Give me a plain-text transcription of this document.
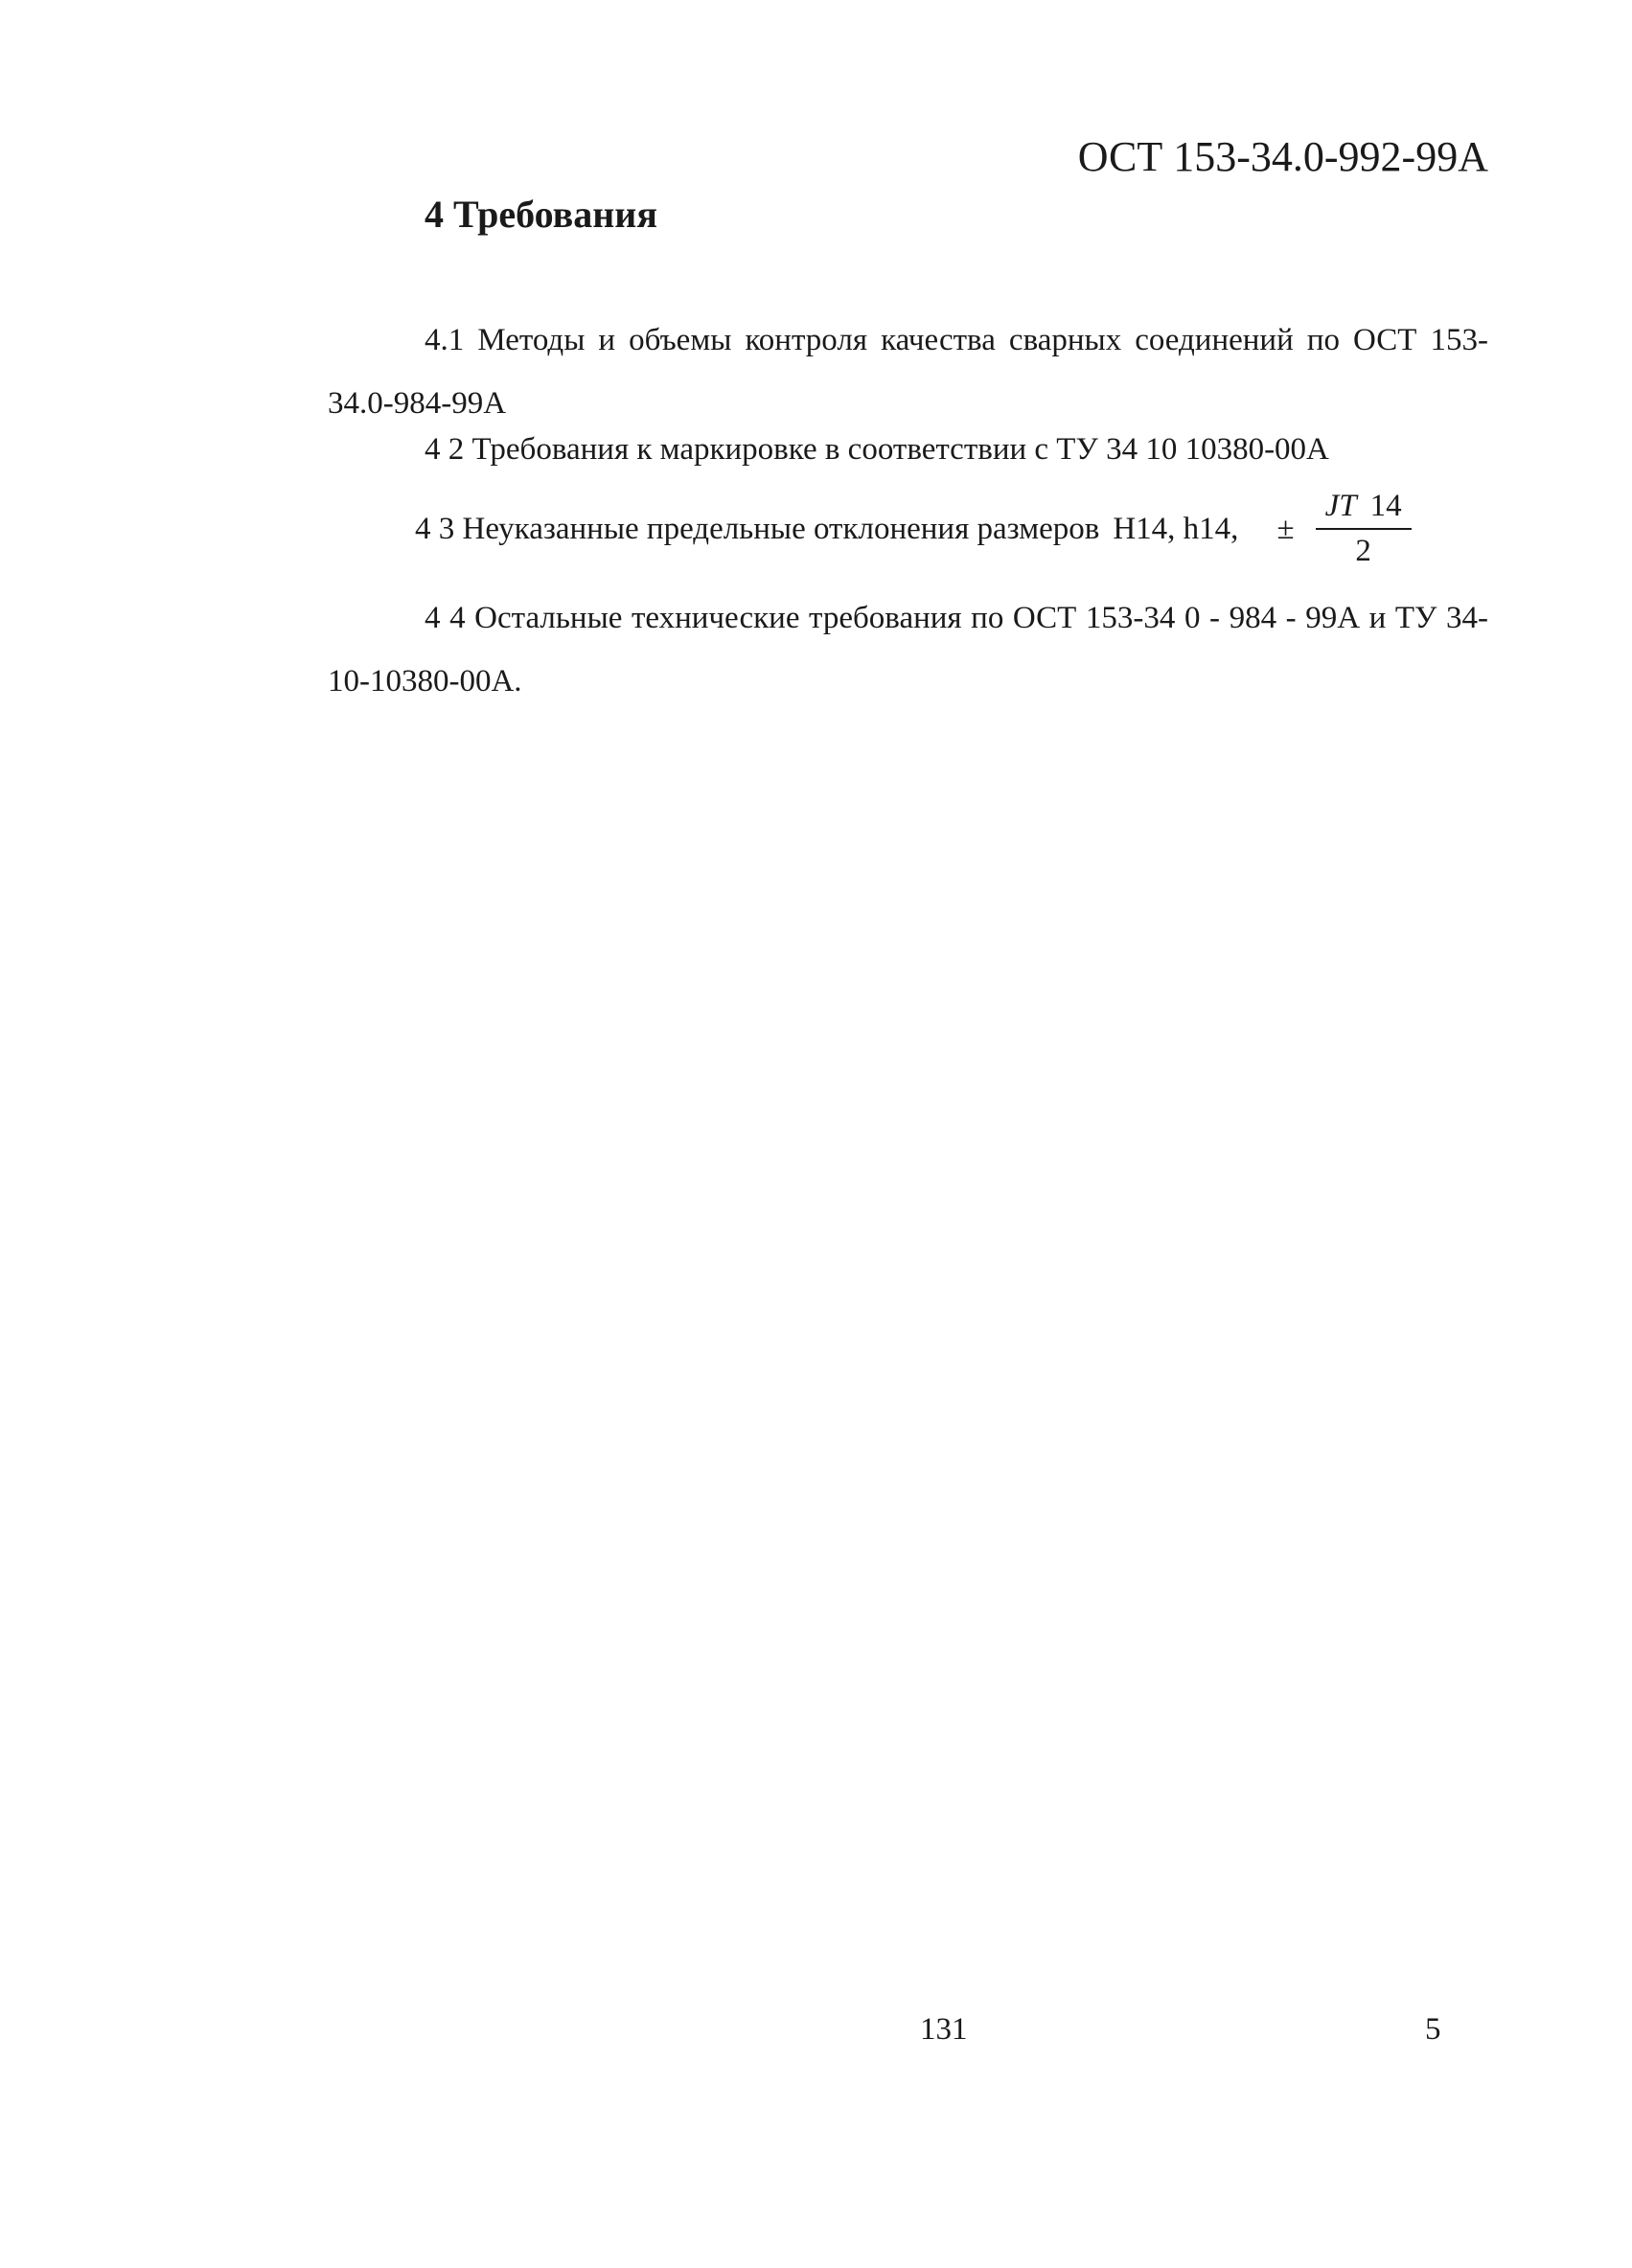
ОСТ 153-34.0-992-99А
4 Требования

4.1 Методы и объемы контроля качества сварных соединений по ОСТ 153-34.0-984-99А

4 2 Требования к маркировке в соответствии с ТУ 34 10 10380-00А

4 3 Неуказанные предельные отклонения размеров H14, h14, ± $\frac{JT 14}{2}$

4 4 Остальные технические требования по ОСТ 153-34 0 - 984 - 99А и ТУ 34-10-10380-00А.

131	5
